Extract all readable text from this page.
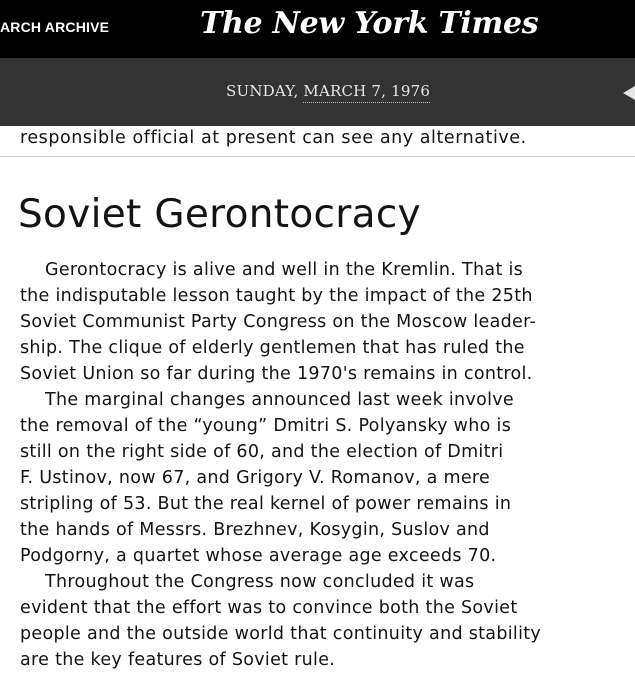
ARCH ARCHIVE	The New York Times
SUNDAY, MARCH 7, 1976
responsible official at present can see any alternative.
Soviet Gerontocracy
Gerontocracy is alive and well in the Kremlin. That is
the indisputable lesson taught by the impact of the 25th
Soviet Communist Party Congress on the Moscow leader-
ship. The clique of elderly gentlemen that has ruled the
Soviet Union so far during the 1970's remains in control.
The marginal changes announced last week involve
the removal of the “young” Dmitri S. Polyansky who is
still on the right side of 60, and the election of Dmitri
F. Ustinov, now 67, and Grigory V. Romanov, a mere
stripling of 53. But the real kernel of power remains in
the hands of Messrs. Brezhnev, Kosygin, Suslov and
Podgorny, a quartet whose average age exceeds 70.
Throughout the Congress now concluded it was
evident that the effort was to convince both the Soviet
people and the outside world that continuity and stability
are the key features of Soviet rule.
